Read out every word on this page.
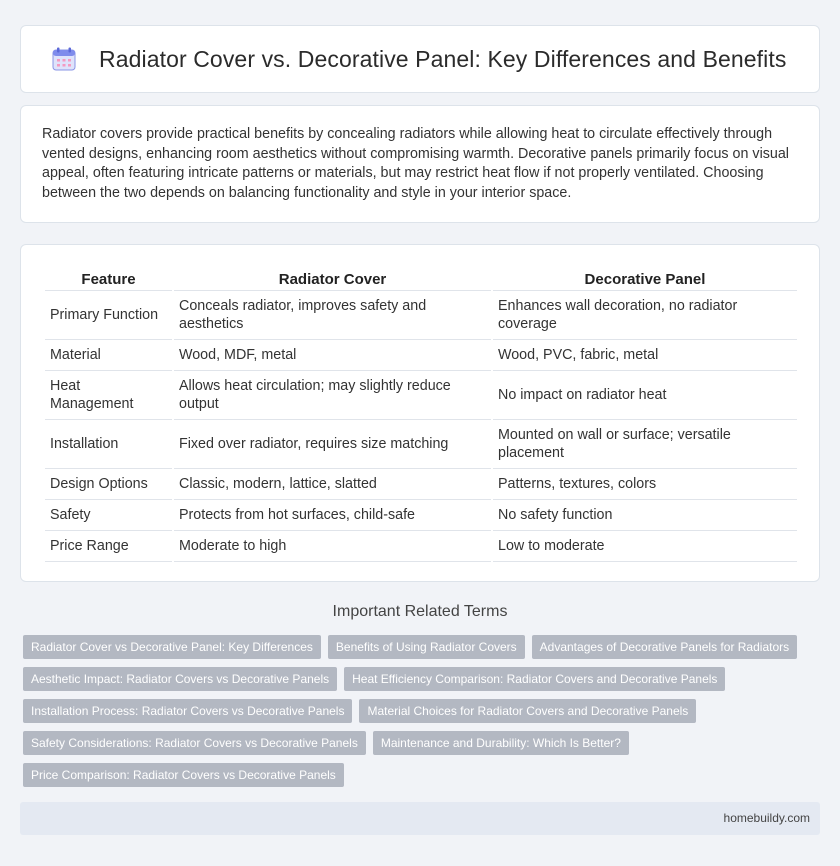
Radiator Cover vs. Decorative Panel: Key Differences and Benefits

Radiator covers provide practical benefits by concealing radiators while allowing heat to circulate effectively through vented designs, enhancing room aesthetics without compromising warmth. Decorative panels primarily focus on visual appeal, often featuring intricate patterns or materials, but may restrict heat flow if not properly ventilated. Choosing between the two depends on balancing functionality and style in your interior space.

Feature	Radiator Cover	Decorative Panel
Primary Function	Conceals radiator, improves safety and aesthetics	Enhances wall decoration, no radiator coverage
Material	Wood, MDF, metal	Wood, PVC, fabric, metal
Heat Management	Allows heat circulation; may slightly reduce output	No impact on radiator heat
Installation	Fixed over radiator, requires size matching	Mounted on wall or surface; versatile placement
Design Options	Classic, modern, lattice, slatted	Patterns, textures, colors
Safety	Protects from hot surfaces, child-safe	No safety function
Price Range	Moderate to high	Low to moderate
Important Related Terms
Radiator Cover vs Decorative Panel: Key Differences	Benefits of Using Radiator Covers	Advantages of Decorative Panels for Radiators
Aesthetic Impact: Radiator Covers vs Decorative Panels	Heat Efficiency Comparison: Radiator Covers and Decorative Panels
Installation Process: Radiator Covers vs Decorative Panels	Material Choices for Radiator Covers and Decorative Panels
Safety Considerations: Radiator Covers vs Decorative Panels	Maintenance and Durability: Which Is Better?
Price Comparison: Radiator Covers vs Decorative Panels
homebuildy.com
